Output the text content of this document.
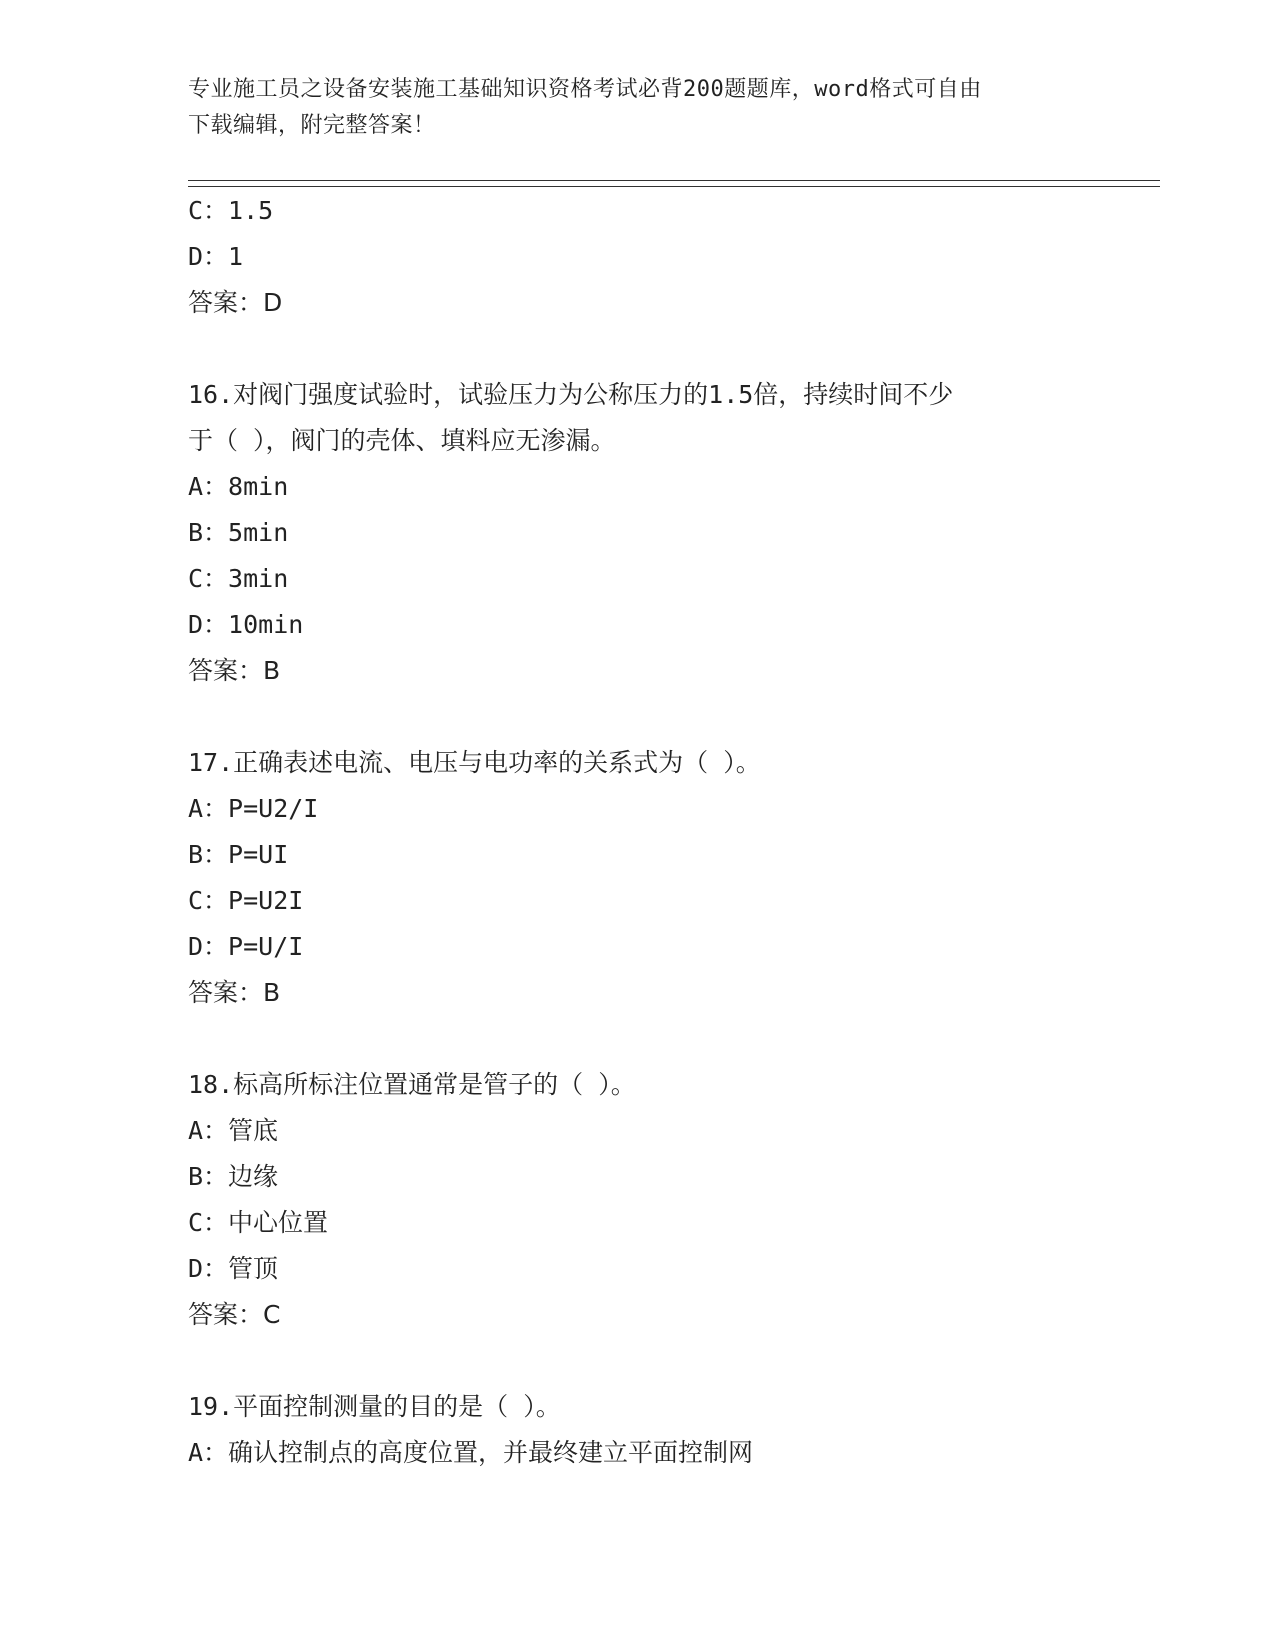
专业施工员之设备安装施工基础知识资格考试必背200题题库，word格式可自由
下载编辑，附完整答案！
C：1.5
D：1
答案：D
16.对阀门强度试验时，试验压力为公称压力的1.5倍，持续时间不少
于（ ），阀门的壳体、填料应无渗漏。
A：8min
B：5min
C：3min
D：10min
答案：B
17.正确表述电流、电压与电功率的关系式为（ ）。
A：P=U2/I
B：P=UI
C：P=U2I
D：P=U/I
答案：B
18.标高所标注位置通常是管子的（ ）。
A：管底
B：边缘
C：中心位置
D：管顶
答案：C
19.平面控制测量的目的是（ ）。
A：确认控制点的高度位置，并最终建立平面控制网
